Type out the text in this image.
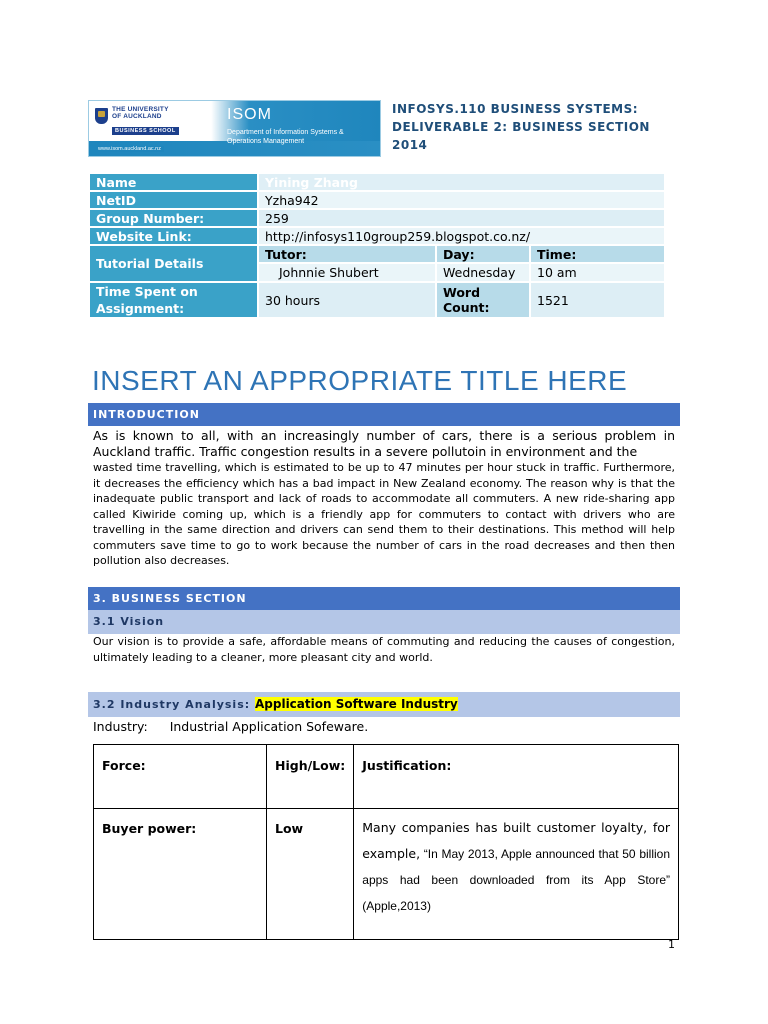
THE UNIVERSITY
OF AUCKLAND
BUSINESS SCHOOL
www.isom.auckland.ac.nz
ISOM
Department of Information Systems & Operations Management
INFOSYS.110 BUSINESS SYSTEMS:
DELIVERABLE 2: BUSINESS SECTION
2014
Name	Yining Zhang		
NetID	Yzha942		
Group Number:	259		
Website Link:	http://infosys110group259.blogspot.co.nz/		
Tutorial Details	Tutor:	Day:	Time:
	Johnnie Shubert	Wednesday	10 am
Time Spent on
Assignment:	30 hours	Word Count:	1521
INSERT AN APPROPRIATE TITLE HERE
INTRODUCTION
As is known to all, with an increasingly number of cars, there is a serious problem in Auckland traffic. Traffic congestion results in a severe pollutoin in environment and the
wasted time travelling, which is estimated to be up to 47 minutes per hour stuck in traffic. Furthermore, it decreases the efficiency which has a bad impact in New Zealand economy. The reason why is that the inadequate public transport and lack of roads to accommodate all commuters. A new ride-sharing app called Kiwiride coming up, which is a friendly app for commuters to contact with drivers who are travelling in the same direction and drivers can send them to their destinations. This method will help commuters save time to go to work because the number of cars in the road decreases and then then pollution also decreases.
3. BUSINESS SECTION
3.1 Vision
Our vision is to provide a safe, affordable means of commuting and reducing the causes of congestion, ultimately leading to a cleaner, more pleasant city and world.
3.2 Industry Analysis: Application Software Industry
Industry: Industrial Application Sofeware.
Force:	High/Low:	Justification:
Buyer power:	Low	Many companies has built customer loyalty, for example, “In May 2013, Apple announced that 50 billion apps had been downloaded from its App Store” (Apple,2013)
1
